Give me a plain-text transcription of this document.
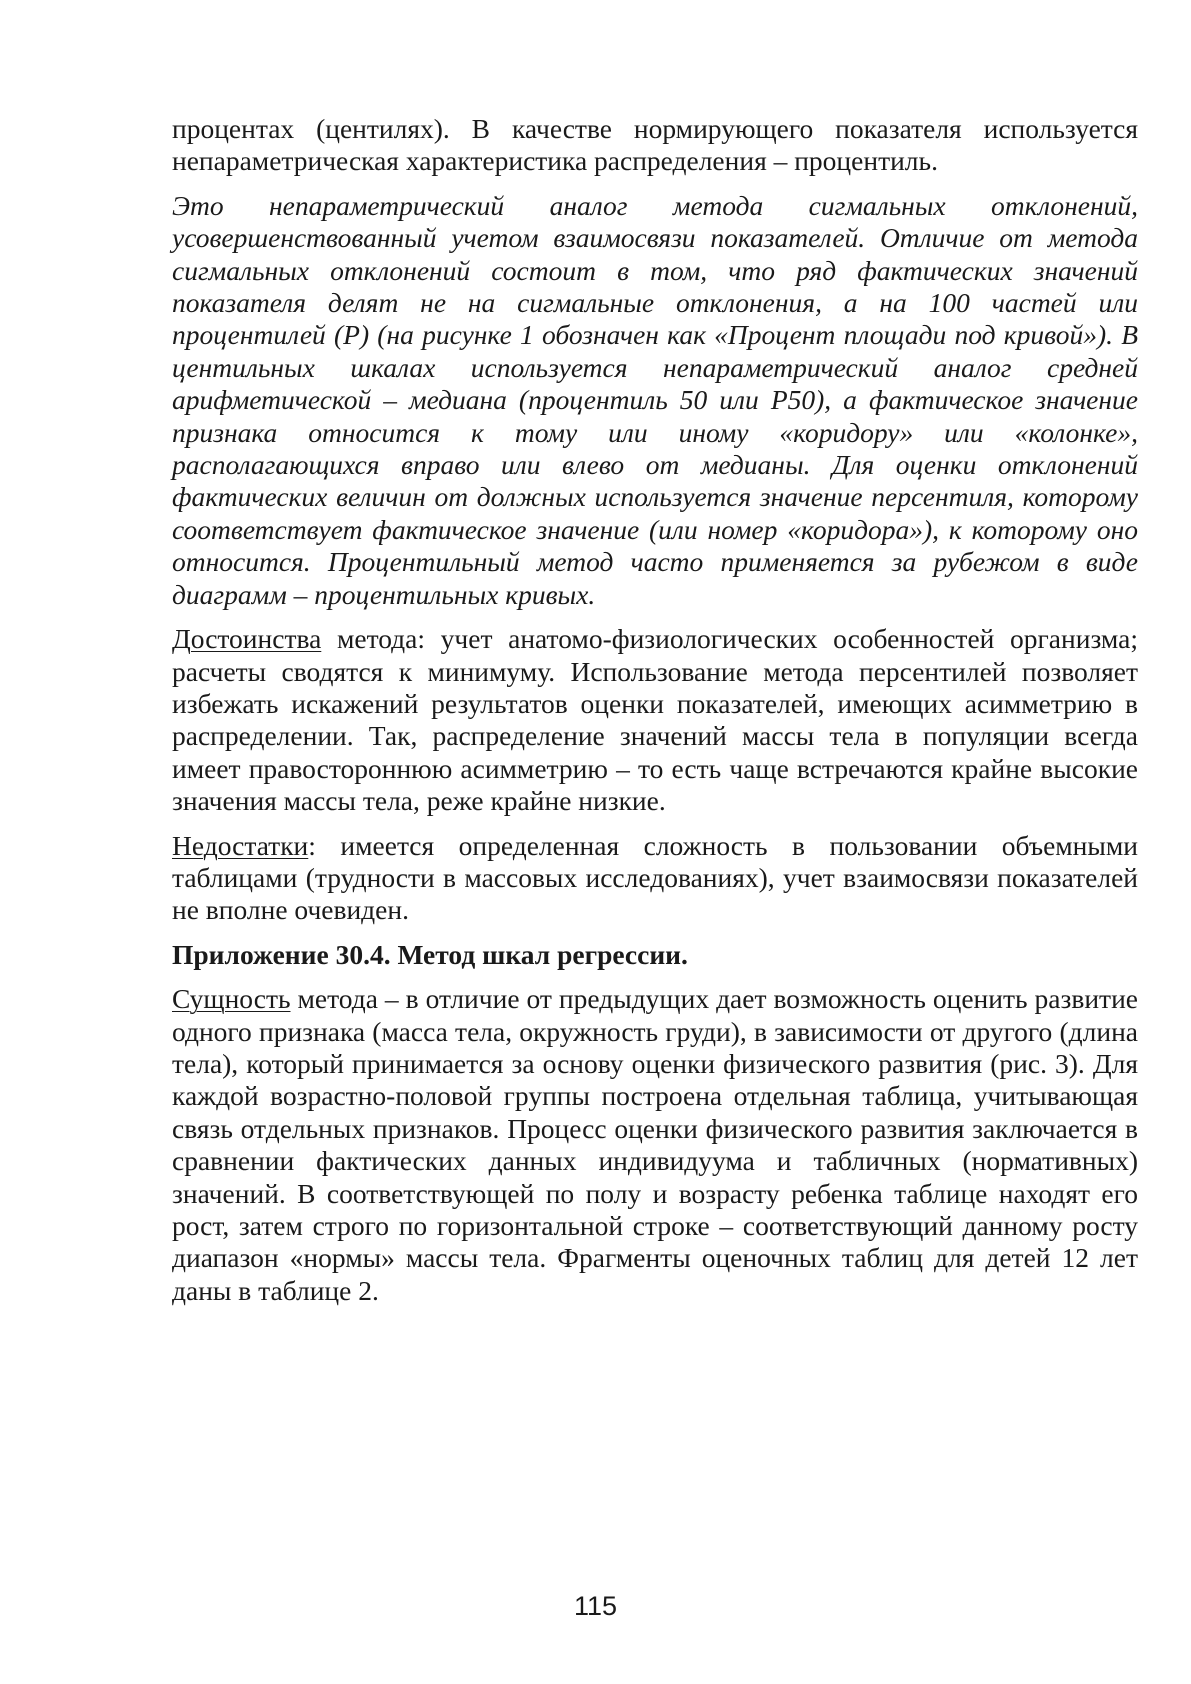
процентах (центилях). В качестве нормирующего показателя используется непараметрическая характеристика распределения – процентиль.

Это непараметрический аналог метода сигмальных отклонений, усовершенствованный учетом взаимосвязи показателей. Отличие от метода сигмальных отклонений состоит в том, что ряд фактических значений показателя делят не на сигмальные отклонения, а на 100 частей или процентилей (P) (на рисунке 1 обозначен как «Процент площади под кривой»). В центильных шкалах используется непараметрический аналог средней арифметической – медиана (процентиль 50 или P50), а фактическое значение признака относится к тому или иному «коридору» или «колонке», располагающихся вправо или влево от медианы. Для оценки отклонений фактических величин от должных используется значение персентиля, которому соответствует фактическое значение (или номер «коридора»), к которому оно относится. Процентильный метод часто применяется за рубежом в виде диаграмм – процентильных кривых.

Достоинства метода: учет анатомо-физиологических особенностей организма; расчеты сводятся к минимуму. Использование метода персентилей позволяет избежать искажений результатов оценки показателей, имеющих асимметрию в распределении. Так, распределение значений массы тела в популяции всегда имеет правостороннюю асимметрию – то есть чаще встречаются крайне высокие значения массы тела, реже крайне низкие.

Недостатки: имеется определенная сложность в пользовании объемными таблицами (трудности в массовых исследованиях), учет взаимосвязи показателей не вполне очевиден.

Приложение 30.4. Метод шкал регрессии.

Сущность метода – в отличие от предыдущих дает возможность оценить развитие одного признака (масса тела, окружность груди), в зависимости от другого (длина тела), который принимается за основу оценки физического развития (рис. 3). Для каждой возрастно-половой группы построена отдельная таблица, учитывающая связь отдельных признаков. Процесс оценки физического развития заключается в сравнении фактических данных индивидуума и табличных (нормативных) значений. В соответствующей по полу и возрасту ребенка таблице находят его рост, затем строго по горизонтальной строке – соответствующий данному росту диапазон «нормы» массы тела. Фрагменты оценочных таблиц для детей 12 лет даны в таблице 2.

115
